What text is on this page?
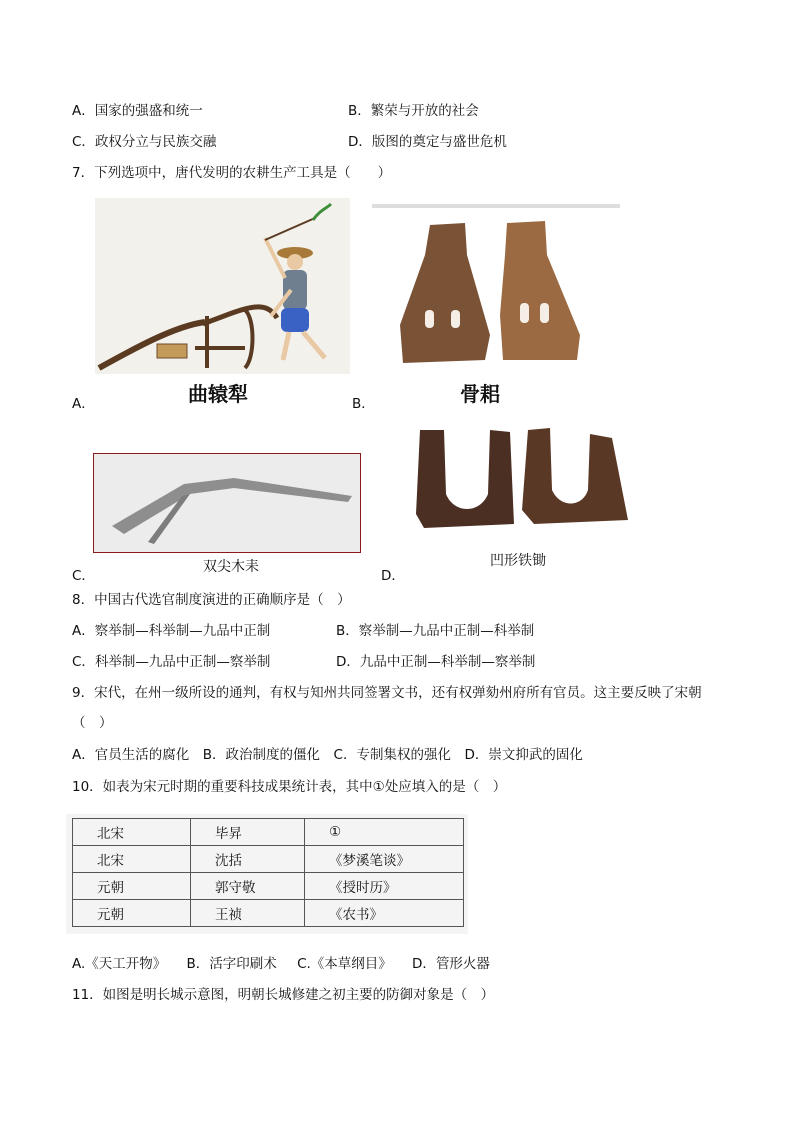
A．国家的强盛和统一	B．繁荣与开放的社会
C．政权分立与民族交融	D．版图的奠定与盛世危机
7．下列选项中，唐代发明的农耕生产工具是（　　）
曲辕犁
A．	骨耜
B．
双尖木耒
C．
凹形铁锄
D．
8．中国古代选官制度演进的正确顺序是（　）
A．察举制—科举制—九品中正制	B．察举制—九品中正制—科举制
C．科举制—九品中正制—察举制	D．九品中正制—科举制—察举制
9．宋代，在州一级所设的通判，有权与知州共同签署文书，还有权弹劾州府所有官员。这主要反映了宋朝
（　）
A．官员生活的腐化  B．政治制度的僵化  C．专制集权的强化  D．崇文抑武的固化
10．如表为宋元时期的重要科技成果统计表，其中①处应填入的是（　）
北宋	毕昇	①
北宋	沈括	《梦溪笔谈》
元朝	郭守敬	《授时历》
元朝	王祯	《农书》
A.《天工开物》   B．活字印刷术   C.《本草纲目》   D．管形火器
11．如图是明长城示意图，明朝长城修建之初主要的防御对象是（　）
